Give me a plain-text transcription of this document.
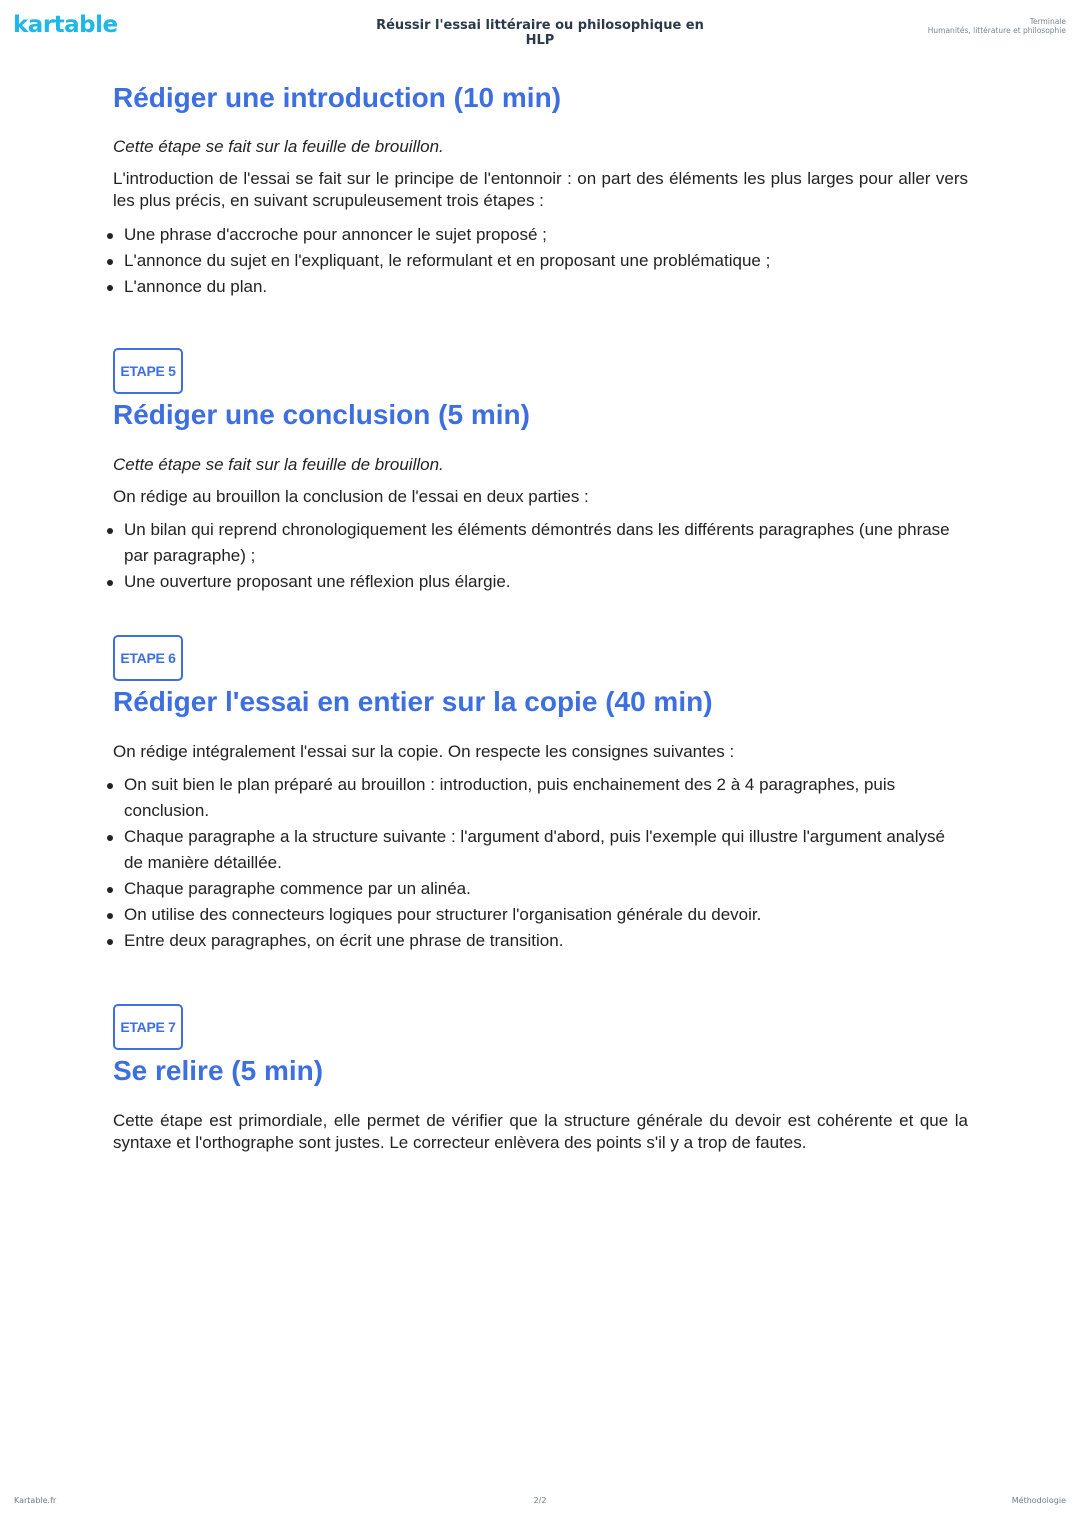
kartable	Réussir l'essai littéraire ou philosophique en HLP
Terminale
Humanités, littérature et philosophie
Rédiger une introduction (10 min)

Cette étape se fait sur la feuille de brouillon.

L'introduction de l'essai se fait sur le principe de l'entonnoir : on part des éléments les plus larges pour aller vers les plus précis, en suivant scrupuleusement trois étapes :

Une phrase d'accroche pour annoncer le sujet proposé ;
L'annonce du sujet en l'expliquant, le reformulant et en proposant une problématique ;
L'annonce du plan.
ETAPE 5
Rédiger une conclusion (5 min)

Cette étape se fait sur la feuille de brouillon.

On rédige au brouillon la conclusion de l'essai en deux parties :

Un bilan qui reprend chronologiquement les éléments démontrés dans les différents paragraphes (une phrase par paragraphe) ;
Une ouverture proposant une réflexion plus élargie.
ETAPE 6
Rédiger l'essai en entier sur la copie (40 min)

On rédige intégralement l'essai sur la copie. On respecte les consignes suivantes :

On suit bien le plan préparé au brouillon : introduction, puis enchainement des 2 à 4 paragraphes, puis conclusion.
Chaque paragraphe a la structure suivante : l'argument d'abord, puis l'exemple qui illustre l'argument analysé de manière détaillée.
Chaque paragraphe commence par un alinéa.
On utilise des connecteurs logiques pour structurer l'organisation générale du devoir.
Entre deux paragraphes, on écrit une phrase de transition.
ETAPE 7
Se relire (5 min)

Cette étape est primordiale, elle permet de vérifier que la structure générale du devoir est cohérente et que la syntaxe et l'orthographe sont justes. Le correcteur enlèvera des points s'il y a trop de fautes.

Kartable.fr	2/2	Méthodologie
